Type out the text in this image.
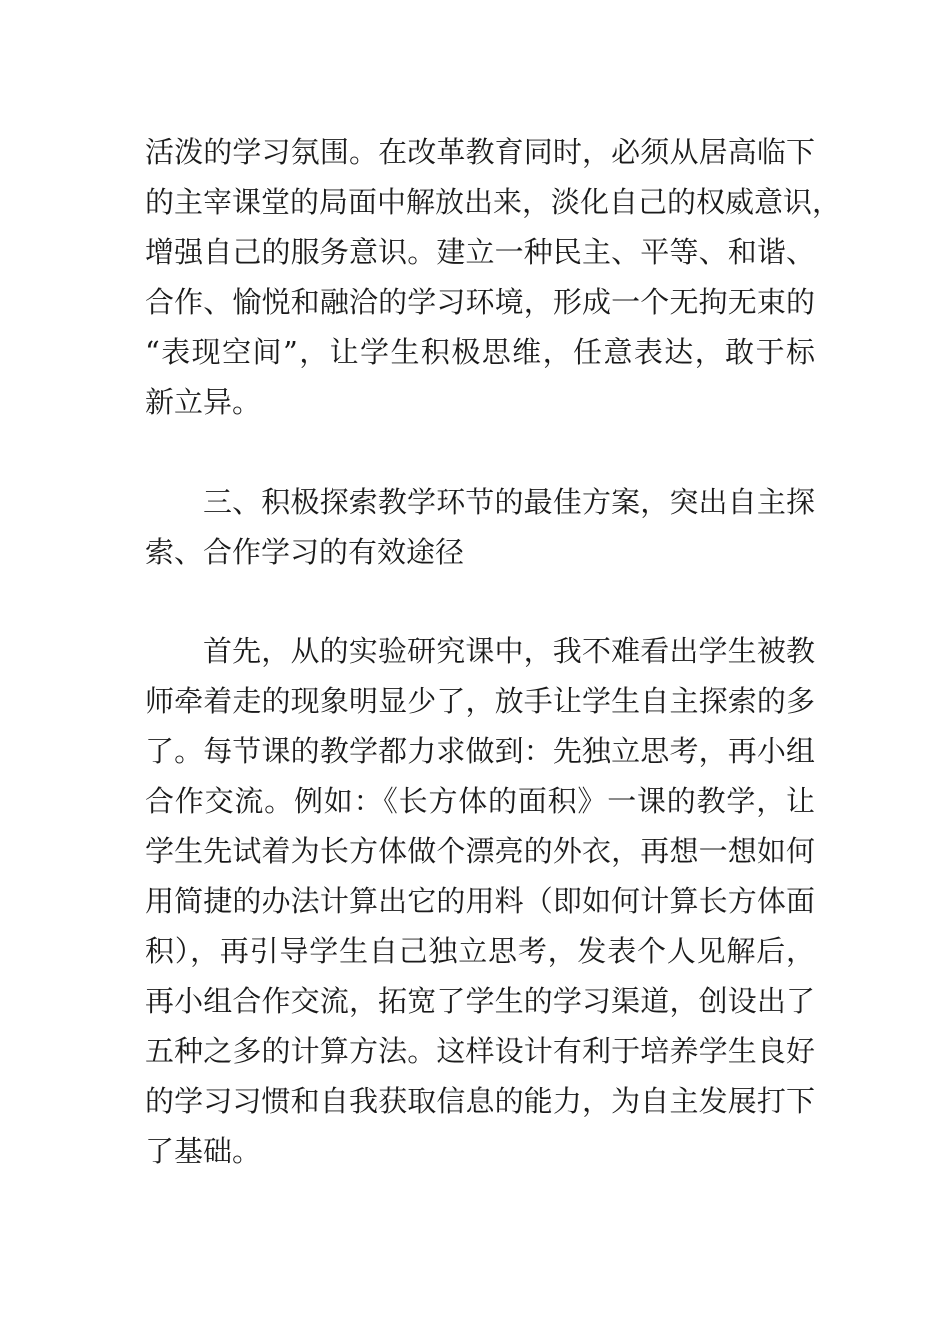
活泼的学习氛围。在改革教育同时，必须从居高临下
的主宰课堂的局面中解放出来，淡化自己的权威意识，
增强自己的服务意识。建立一种民主、平等、和谐、
合作、愉悦和融洽的学习环境，形成一个无拘无束的
“表现空间”，让学生积极思维，任意表达，敢于标
新立异。
三、积极探索教学环节的最佳方案，突出自主探
索、合作学习的有效途径
首先，从的实验研究课中，我不难看出学生被教
师牵着走的现象明显少了，放手让学生自主探索的多
了。每节课的教学都力求做到：先独立思考，再小组
合作交流。例如：《长方体的面积》一课的教学，让
学生先试着为长方体做个漂亮的外衣，再想一想如何
用简捷的办法计算出它的用料（即如何计算长方体面
积），再引导学生自己独立思考，发表个人见解后，
再小组合作交流，拓宽了学生的学习渠道，创设出了
五种之多的计算方法。这样设计有利于培养学生良好
的学习习惯和自我获取信息的能力，为自主发展打下
了基础。
